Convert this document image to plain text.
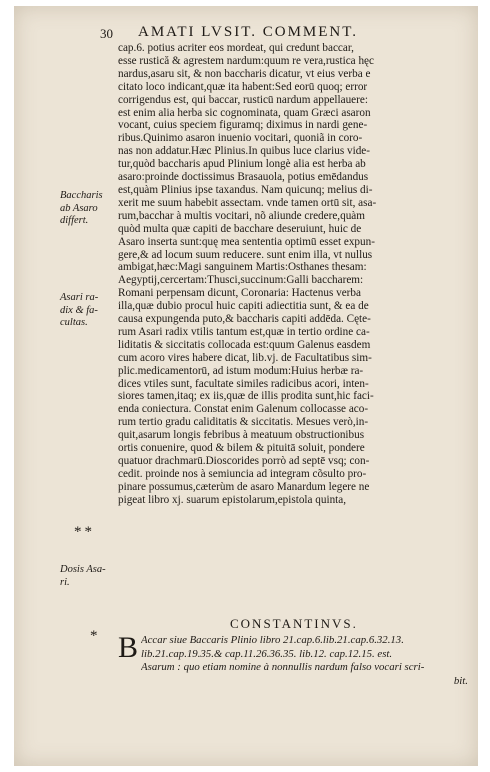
30 AMATI LVSIT. COMMENT.
cap.6. potius acriter eos mordeat, qui credunt baccar,
esse rustică & agrestem nardum:quum re vera,rustica hęc
nardus,asaru sit, & non baccharis dicatur, vt eius verba e
citato loco indicant,quæ ita habent:Sed eorū quoq; error
corrigendus est, qui baccar, rusticū nardum appellauere:
est enim alia herba sic cognominata, quam Græci asaron
vocant, cuius speciem figuramq; diximus in nardi gene-
ribus.Quinimo asaron inuenio vocitari, quoniã in coro-
nas non addatur.Hæc Plinius.In quibus luce clarius vide-
tur,quòd baccharis apud Plinium longè alia est herba ab
asaro:proinde doctissimus Brasauola, potius emēdandus
est,quàm Plinius ipse taxandus. Nam quicunq; melius di-
xerit me suum habebit assectam. vnde tamen ortū sit, asa-
rum,bacchar à multis vocitari, nõ aliunde credere,quàm
quòd multa quæ capiti de bacchare deseruiunt, huic de
Asaro inserta sunt:quę mea sententia optimū esset expun-
gere,& ad locum suum reducere. sunt enim illa, vt nullus
ambigat,hæc:Magi sanguinem Martis:Osthanes thesam:
Aegyptij,cercertam:Thusci,succinum:Galli baccharem:
Romani perpensam dicunt, Coronaria: Hactenus verba
illa,quæ dubio procul huic capiti adiectitia sunt, & ea de
causa expungenda puto,& baccharis capiti addēda. Cęte-
rum Asari radix vtilis tantum est,quæ in tertio ordine ca-
liditatis & siccitatis collocada est:quum Galenus easdem
cum acoro vires habere dicat, lib.vj. de Facultatibus sim-
plic.medicamentorū, ad istum modum:Huius herbæ ra-
dices vtiles sunt, facultate similes radicibus acori, inten-
siores tamen,itaq; ex iis,quæ de illis prodita sunt,hic faci-
enda coniectura. Constat enim Galenum collocasse aco-
rum tertio gradu caliditatis & siccitatis. Mesues verò,in-
quit,asarum longis febribus à meatuum obstructionibus
ortis conuenire, quod & bilem & pituitā soluit, pondere
quatuor drachmarū.Dioscorides porrò ad septē vsq; con-
cedit. proinde nos à semiuncia ad integram cõsulto pro-
pinare possumus,cæterùm de asaro Manardum legere ne
pigeat libro xj. suarum epistolarum,epistola quinta,
Baccharis
ab Asaro
differt.
Asari ra-
dix & fa-
cultas.
**
Dosis Asa-
ri.
CONSTANTINVS.
* B Accar siue Baccaris Plinio libro 21.cap.6.lib.21.cap.6.32.13.
lib.21.cap.19.35.& cap.11.26.36.35. lib.12. cap.12.15. est.
Asarum : quo etiam nomine à nonnullis nardum falso vocari scri-
bit.
